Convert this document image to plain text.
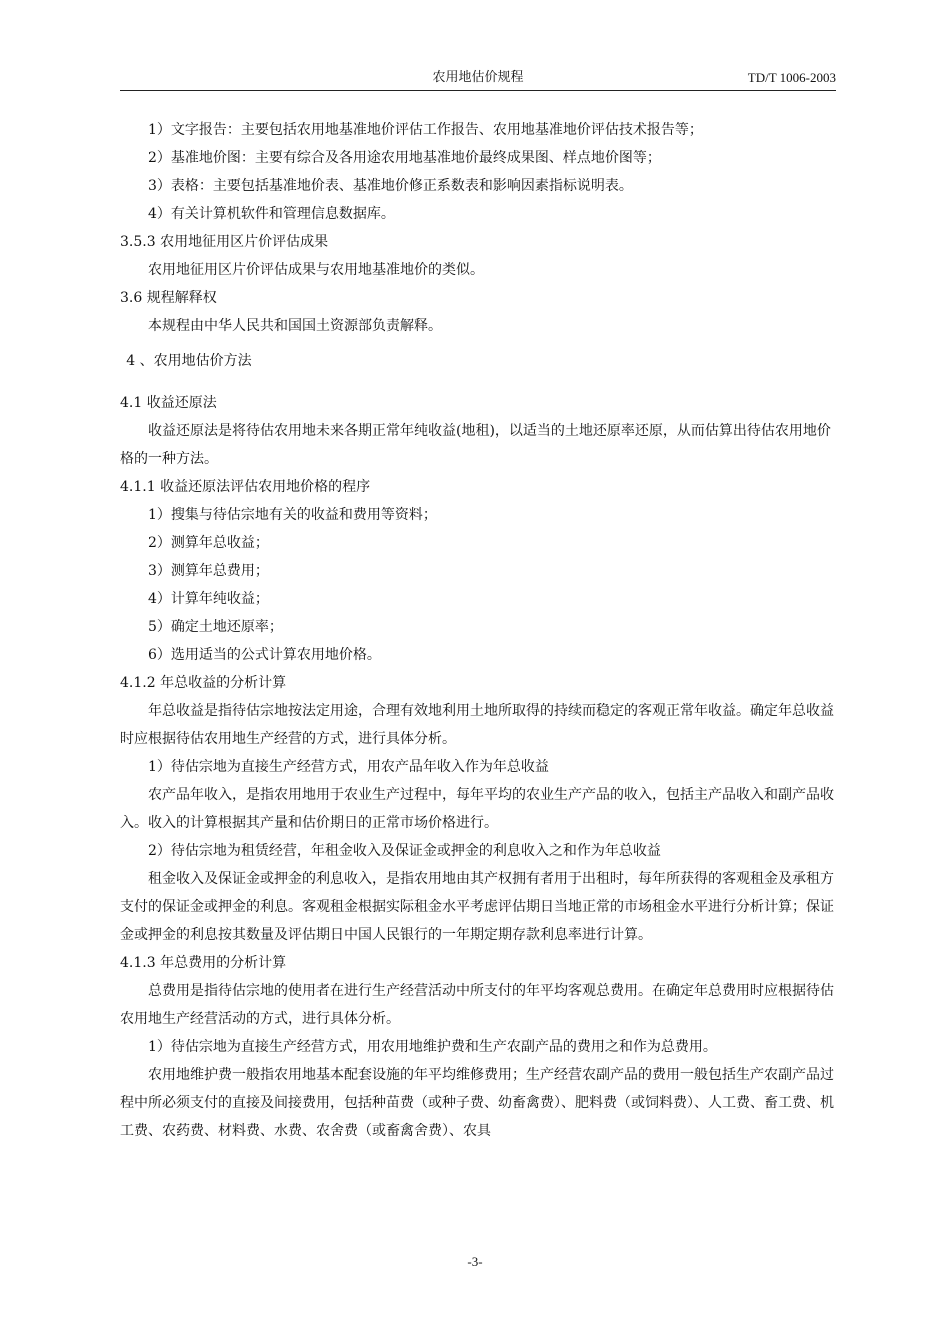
农用地估价规程	TD/T 1006-2003

1）文字报告：主要包括农用地基准地价评估工作报告、农用地基准地价评估技术报告等；

2）基准地价图：主要有综合及各用途农用地基准地价最终成果图、样点地价图等；

3）表格：主要包括基准地价表、基准地价修正系数表和影响因素指标说明表。

4）有关计算机软件和管理信息数据库。

3.5.3 农用地征用区片价评估成果

农用地征用区片价评估成果与农用地基准地价的类似。

3.6 规程解释权

本规程由中华人民共和国国土资源部负责解释。

4 、农用地估价方法

4.1 收益还原法

收益还原法是将待估农用地未来各期正常年纯收益(地租)，以适当的土地还原率还原，从而估算出待估农用地价格的一种方法。

4.1.1 收益还原法评估农用地价格的程序

1）搜集与待估宗地有关的收益和费用等资料；

2）测算年总收益；

3）测算年总费用；

4）计算年纯收益；

5）确定土地还原率；

6）选用适当的公式计算农用地价格。

4.1.2 年总收益的分析计算

年总收益是指待估宗地按法定用途，合理有效地利用土地所取得的持续而稳定的客观正常年收益。确定年总收益时应根据待估农用地生产经营的方式，进行具体分析。

1）待估宗地为直接生产经营方式，用农产品年收入作为年总收益

农产品年收入，是指农用地用于农业生产过程中，每年平均的农业生产产品的收入，包括主产品收入和副产品收入。收入的计算根据其产量和估价期日的正常市场价格进行。

2）待估宗地为租赁经营，年租金收入及保证金或押金的利息收入之和作为年总收益

租金收入及保证金或押金的利息收入，是指农用地由其产权拥有者用于出租时，每年所获得的客观租金及承租方支付的保证金或押金的利息。客观租金根据实际租金水平考虑评估期日当地正常的市场租金水平进行分析计算；保证金或押金的利息按其数量及评估期日中国人民银行的一年期定期存款利息率进行计算。

4.1.3 年总费用的分析计算

总费用是指待估宗地的使用者在进行生产经营活动中所支付的年平均客观总费用。在确定年总费用时应根据待估农用地生产经营活动的方式，进行具体分析。

1）待估宗地为直接生产经营方式，用农用地维护费和生产农副产品的费用之和作为总费用。

农用地维护费一般指农用地基本配套设施的年平均维修费用；生产经营农副产品的费用一般包括生产农副产品过程中所必须支付的直接及间接费用，包括种苗费（或种子费、幼畜禽费）、肥料费（或饲料费）、人工费、畜工费、机工费、农药费、材料费、水费、农舍费（或畜禽舍费）、农具

-3-
